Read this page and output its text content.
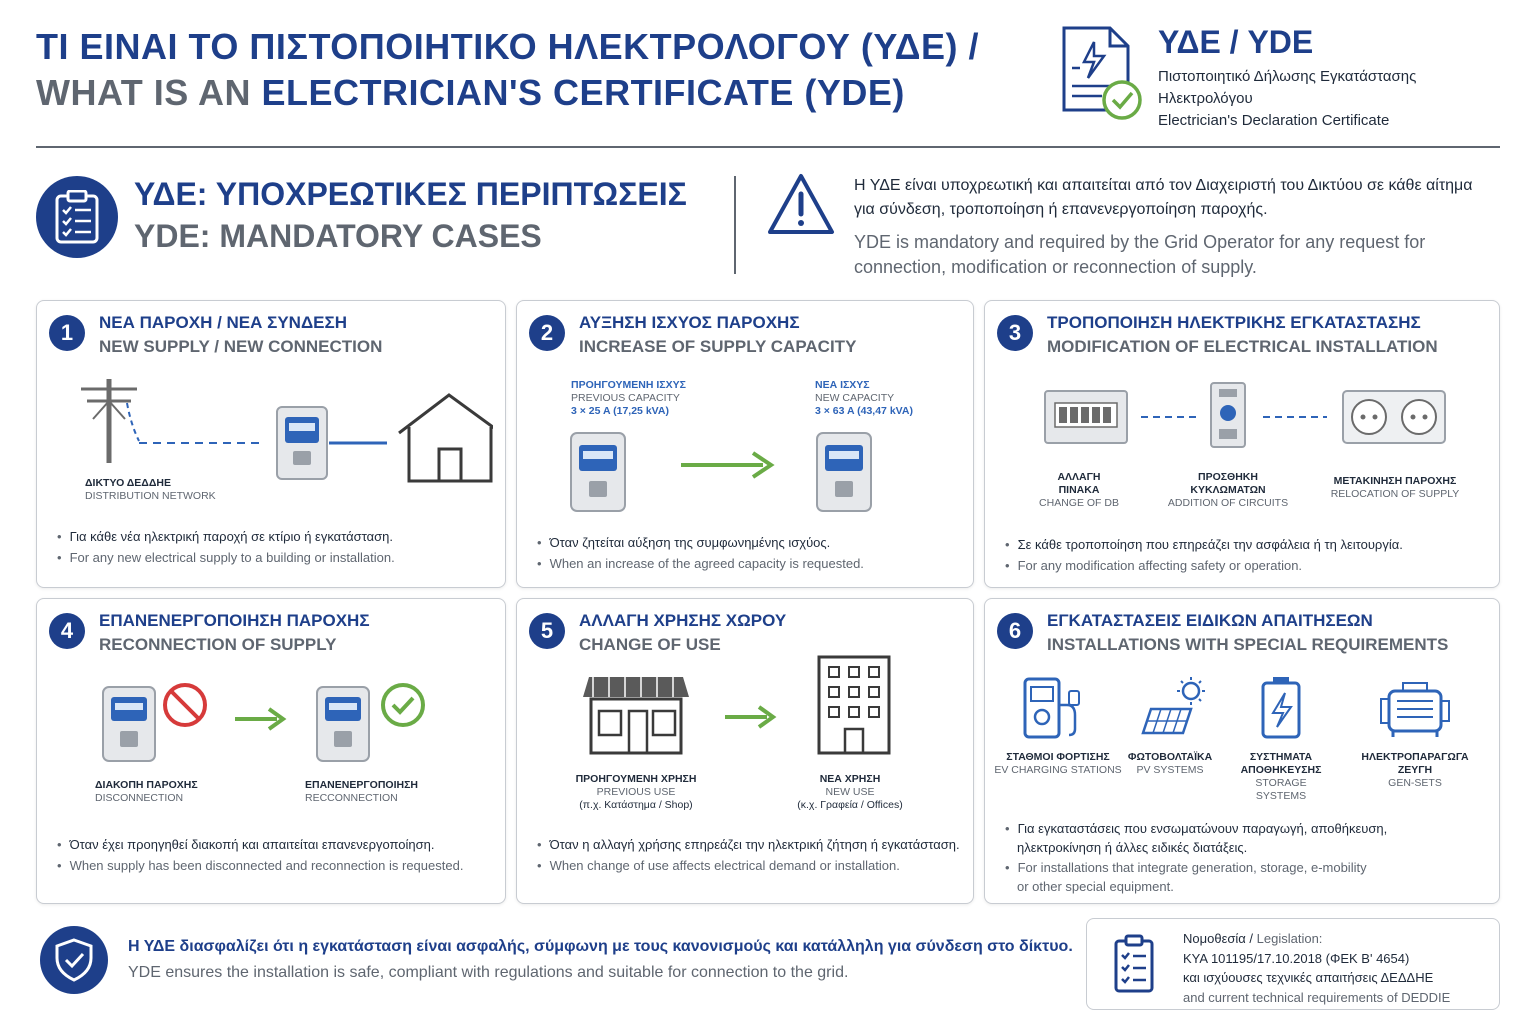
ΤΙ ΕΙΝΑΙ ΤΟ ΠΙΣΤΟΠΟΙΗΤΙΚΟ ΗΛΕΚΤΡΟΛΟΓΟΥ (ΥΔΕ) /
WHAT IS AN ELECTRICIAN'S CERTIFICATE (YDE)
ΥΔΕ / YDE
Πιστοποιητικό Δήλωσης Εγκατάστασης
Ηλεκτρολόγου
Electrician's Declaration Certificate
ΥΔΕ: ΥΠΟΧΡΕΩΤΙΚΕΣ ΠΕΡΙΠΤΩΣΕΙΣ
YDE: MANDATORY CASES
Η ΥΔΕ είναι υποχρεωτική και απαιτείται από τον Διαχειριστή του Δικτύου σε κάθε αίτημα για σύνδεση, τροποποίηση ή επανενεργοποίηση παροχής.
YDE is mandatory and required by the Grid Operator for any request for connection, modification or reconnection of supply.
1	ΝΕΑ ΠΑΡΟΧΗ / ΝΕΑ ΣΥΝΔΕΣΗ
NEW SUPPLY / NEW CONNECTION
ΔΙΚΤΥΟ ΔΕΔΔΗΕ
DISTRIBUTION NETWORK
• Για κάθε νέα ηλεκτρική παροχή σε κτίριο ή εγκατάσταση.
• For any new electrical supply to a building or installation.
2	ΑΥΞΗΣΗ ΙΣΧΥΟΣ ΠΑΡΟΧΗΣ
INCREASE OF SUPPLY CAPACITY
ΠΡΟΗΓΟΥΜΕΝΗ ΙΣΧΥΣ
PREVIOUS CAPACITY
3 × 25 A (17,25 kVA)
ΝΕΑ ΙΣΧΥΣ
NEW CAPACITY
3 × 63 A (43,47 kVA)
• Όταν ζητείται αύξηση της συμφωνημένης ισχύος.
• When an increase of the agreed capacity is requested.
3	ΤΡΟΠΟΠΟΙΗΣΗ ΗΛΕΚΤΡΙΚΗΣ ΕΓΚΑΤΑΣΤΑΣΗΣ
MODIFICATION OF ELECTRICAL INSTALLATION
ΑΛΛΑΓΗ ΠΙΝΑΚΑ
CHANGE OF DB
ΠΡΟΣΘΗΚΗ ΚΥΚΛΩΜΑΤΩΝ
ADDITION OF CIRCUITS
ΜΕΤΑΚΙΝΗΣΗ ΠΑΡΟΧΗΣ
RELOCATION OF SUPPLY
• Σε κάθε τροποποίηση που επηρεάζει την ασφάλεια ή τη λειτουργία.
• For any modification affecting safety or operation.
4	ΕΠΑΝΕΝΕΡΓΟΠΟΙΗΣΗ ΠΑΡΟΧΗΣ
RECONNECTION OF SUPPLY
ΔΙΑΚΟΠΗ ΠΑΡΟΧΗΣ
DISCONNECTION
ΕΠΑΝΕΝΕΡΓΟΠΟΙΗΣΗ
RECCONNECTION
• Όταν έχει προηγηθεί διακοπή και απαιτείται επανενεργοποίηση.
• When supply has been disconnected and reconnection is requested.
5	ΑΛΛΑΓΗ ΧΡΗΣΗΣ ΧΩΡΟΥ
CHANGE OF USE
ΠΡΟΗΓΟΥΜΕΝΗ ΧΡΗΣΗ
PREVIOUS USE
(π.χ. Κατάστημα / Shop)
ΝΕΑ ΧΡΗΣΗ
NEW USE
(κ.χ. Γραφεία / Offices)
• Όταν η αλλαγή χρήσης επηρεάζει την ηλεκτρική ζήτηση ή εγκατάσταση.
• When change of use affects electrical demand or installation.
6	ΕΓΚΑΤΑΣΤΑΣΕΙΣ ΕΙΔΙΚΩΝ ΑΠΑΙΤΗΣΕΩΝ
INSTALLATIONS WITH SPECIAL REQUIREMENTS
ΣΤΑΘΜΟΙ ΦΟΡΤΙΣΗΣ
EV CHARGING STATIONS
ΦΩΤΟΒΟΛΤΑΪΚΑ
PV SYSTEMS
ΣΥΣΤΗΜΑΤΑ ΑΠΟΘΗΚΕΥΣΗΣ
STORAGE SYSTEMS
ΗΛΕΚΤΡΟΠΑΡΑΓΩΓΑ ΖΕΥΓΗ
GEN-SETS
• Για εγκαταστάσεις που ενσωματώνουν παραγωγή, αποθήκευση,
ηλεκτροκίνηση ή άλλες ειδικές διατάξεις.
• For installations that integrate generation, storage, e-mobility
or other special equipment.
Η ΥΔΕ διασφαλίζει ότι η εγκατάσταση είναι ασφαλής, σύμφωνη με τους κανονισμούς και κατάλληλη για σύνδεση στο δίκτυο.
YDE ensures the installation is safe, compliant with regulations and suitable for connection to the grid.
Νομοθεσία / Legislation:
ΚΥΑ 101195/17.10.2018 (ΦΕΚ Β' 4654)
και ισχύουσες τεχνικές απαιτήσεις ΔΕΔΔΗΕ
and current technical requirements of DEDDIE
